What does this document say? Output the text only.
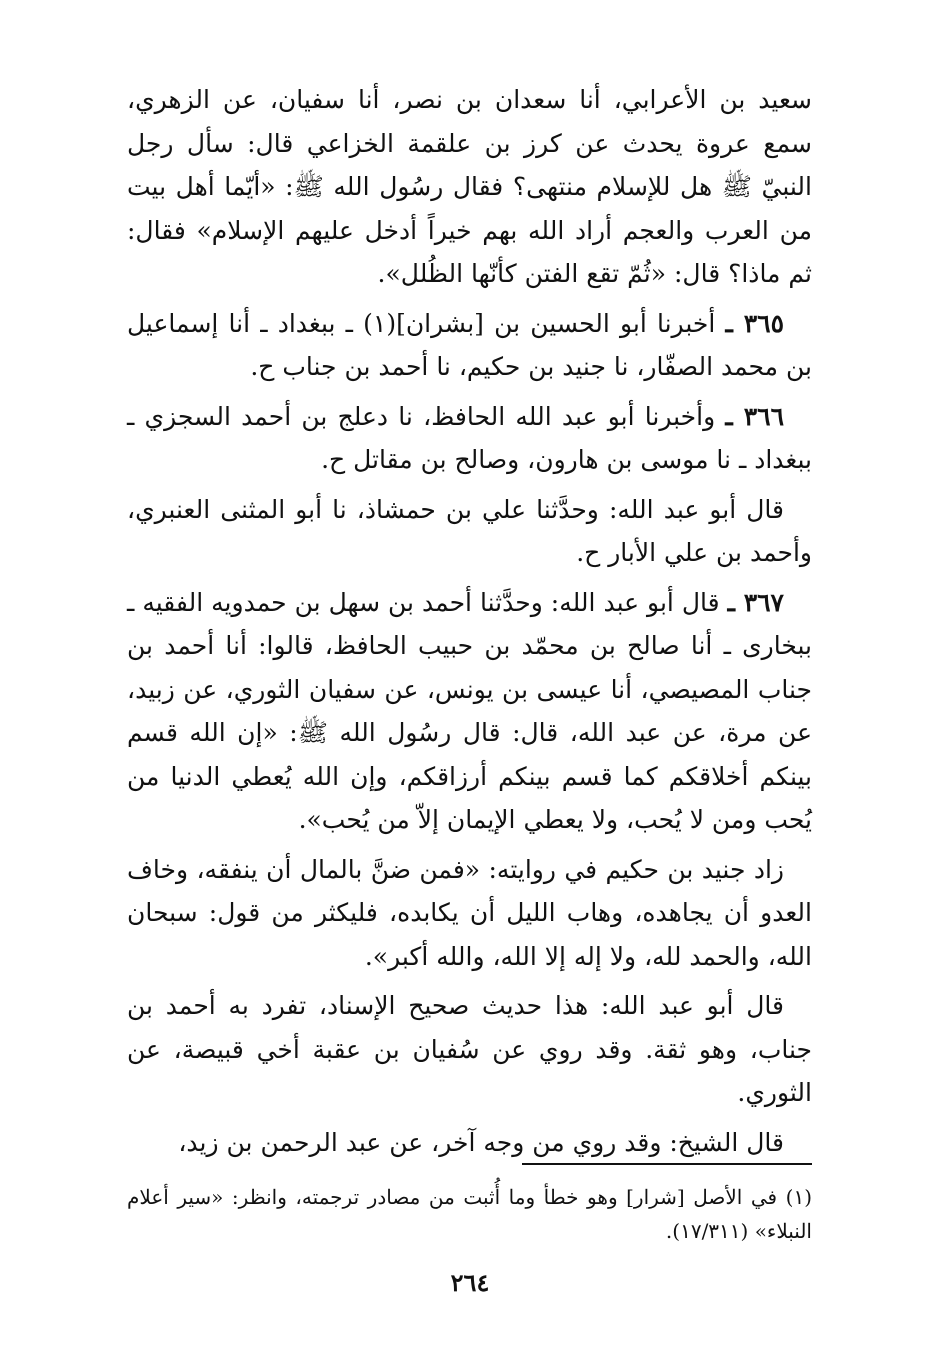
سعيد بن الأعرابي، أنا سعدان بن نصر، أنا سفيان، عن الزهري، سمع عروة يحدث عن كرز بن علقمة الخزاعي قال: سأل رجل النبيّ ﷺ هل للإسلام منتهى؟ فقال رسُول الله ﷺ: «أيّما أهل بيت من العرب والعجم أراد الله بهم خيراً أدخل عليهم الإسلام» فقال: ثم ماذا؟ قال: «ثُمّ تقع الفتن كأنّها الظُلل».

٣٦٥ ـ أخبرنا أبو الحسين بن [بشران](١) ـ ببغداد ـ أنا إسماعيل بن محمد الصفّار، نا جنيد بن حكيم، نا أحمد بن جناب ح.

٣٦٦ ـ وأخبرنا أبو عبد الله الحافظ، نا دعلج بن أحمد السجزي ـ ببغداد ـ نا موسى بن هارون، وصالح بن مقاتل ح.

قال أبو عبد الله: وحدَّثنا علي بن حمشاذ، نا أبو المثنى العنبري، وأحمد بن علي الأبار ح.

٣٦٧ ـ قال أبو عبد الله: وحدَّثنا أحمد بن سهل بن حمدويه الفقيه ـ ببخارى ـ أنا صالح بن محمّد بن حبيب الحافظ، قالوا: أنا أحمد بن جناب المصيصي، أنا عيسى بن يونس، عن سفيان الثوري، عن زبيد، عن مرة، عن عبد الله، قال: قال رسُول الله ﷺ: «إن الله قسم بينكم أخلاقكم كما قسم بينكم أرزاقكم، وإن الله يُعطي الدنيا من يُحب ومن لا يُحب، ولا يعطي الإيمان إلاّ من يُحب».

زاد جنيد بن حكيم في روايته: «فمن ضنَّ بالمال أن ينفقه، وخاف العدو أن يجاهده، وهاب الليل أن يكابده، فليكثر من قول: سبحان الله، والحمد لله، ولا إله إلا الله، والله أكبر».

قال أبو عبد الله: هذا حديث صحيح الإسناد، تفرد به أحمد بن جناب، وهو ثقة. وقد روي عن سُفيان بن عقبة أخي قبيصة، عن الثوري.

قال الشيخ: وقد روي من وجه آخر، عن عبد الرحمن بن زيد،

(١) في الأصل [شرار] وهو خطأ وما أُثبت من مصادر ترجمته، وانظر: «سير أعلام النبلاء» (١٧/٣١١).
٢٦٤
